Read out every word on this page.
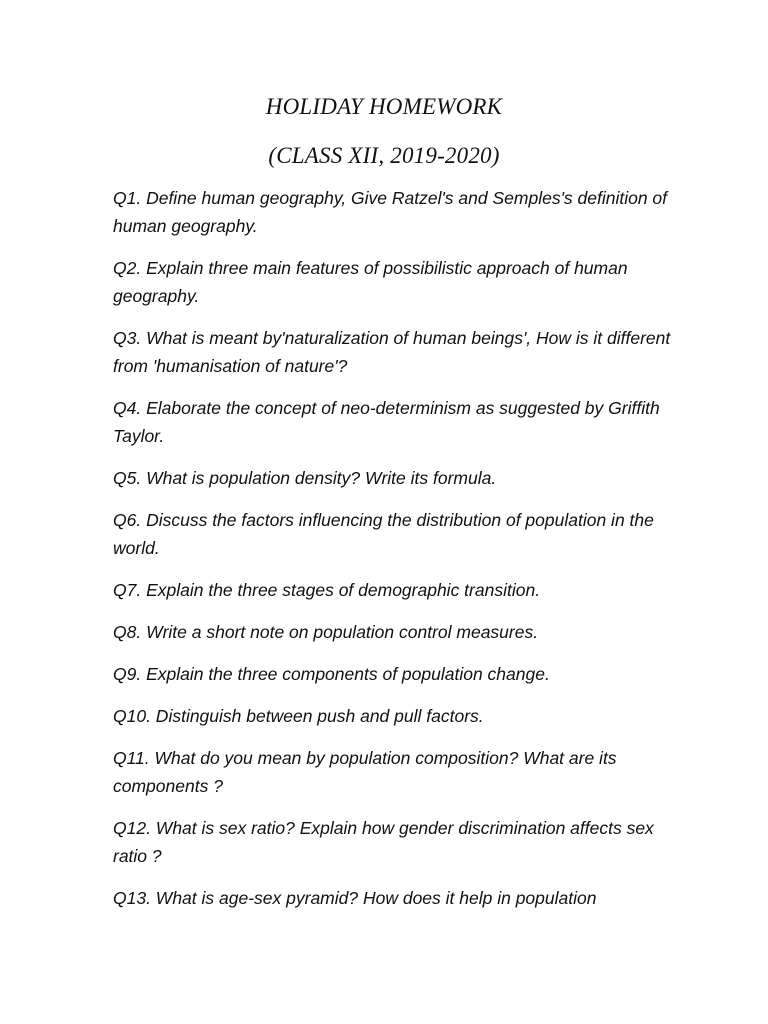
HOLIDAY HOMEWORK
(CLASS XII, 2019-2020)
Q1. Define human geography, Give Ratzel's and Semples's definition of human geography.
Q2. Explain three main features of possibilistic approach of human geography.
Q3. What is meant by'naturalization of human beings', How is it different from 'humanisation of nature'?
Q4. Elaborate the concept of neo-determinism as suggested by Griffith Taylor.
Q5. What is population density? Write its formula.
Q6. Discuss the factors influencing the distribution of population in the world.
Q7. Explain the three stages of demographic transition.
Q8. Write a short note on population control measures.
Q9. Explain the three components of population change.
Q10. Distinguish between push and pull factors.
Q11. What do you mean by population composition? What are its components ?
Q12. What is sex ratio? Explain how gender discrimination affects sex ratio ?
Q13. What is age-sex pyramid? How does it help in population
